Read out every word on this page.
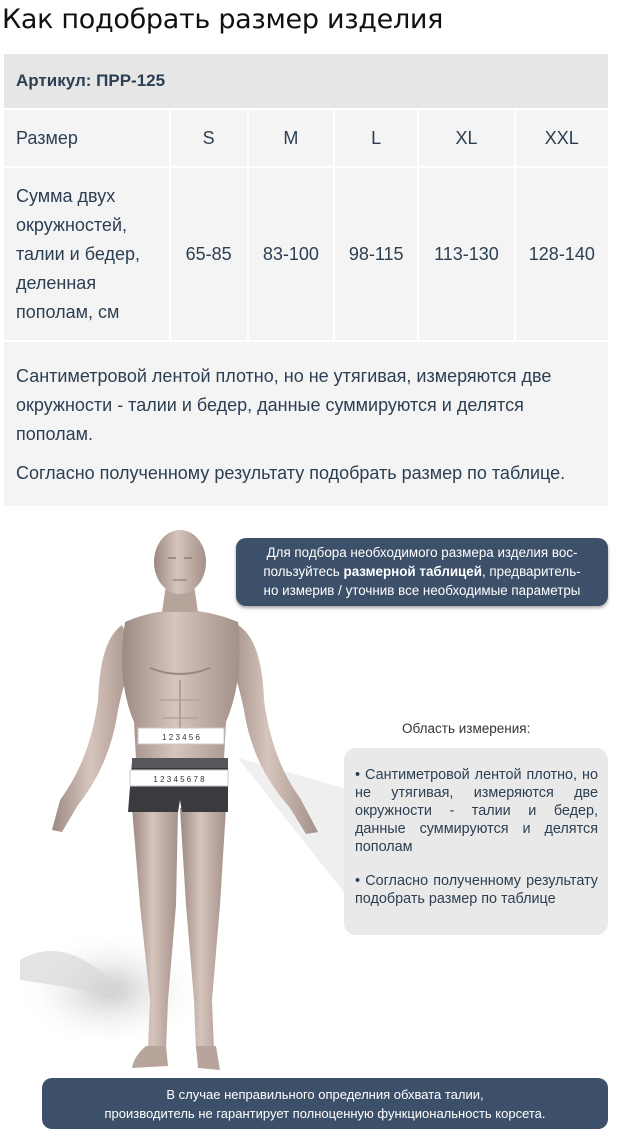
Как подобрать размер изделия
Артикул: ПРР-125					
Размер	S	M	L	XL	XXL

Сумма двух
окружностей,
талии и бедер,
деленная
пополам, см	65-85	83-100	98-115	113-130	128-140

Сантиметровой лентой плотно, но не утягивая, измеряются две окружности - талии и бедер, данные суммируются и делятся пополам.

Согласно полученному результату подобрать размер по таблице.					

1 2 3 4 5 6
1 2 3 4 5 6 7 8
Для подбора необходимого размера изделия вос-
пользуйтесь размерной таблицей, предваритель-
но измерив / уточнив все необходимые параметры
Область измерения:
• Сантиметровой лентой плотно, но не утягивая, измеряются две окружности - талии и бедер, данные суммируются и делятся пополам
• Согласно полученному результату подобрать размер по таблице
В случае неправильного определния обхвата талии,
производитель не гарантирует полноценную функциональность корсета.
